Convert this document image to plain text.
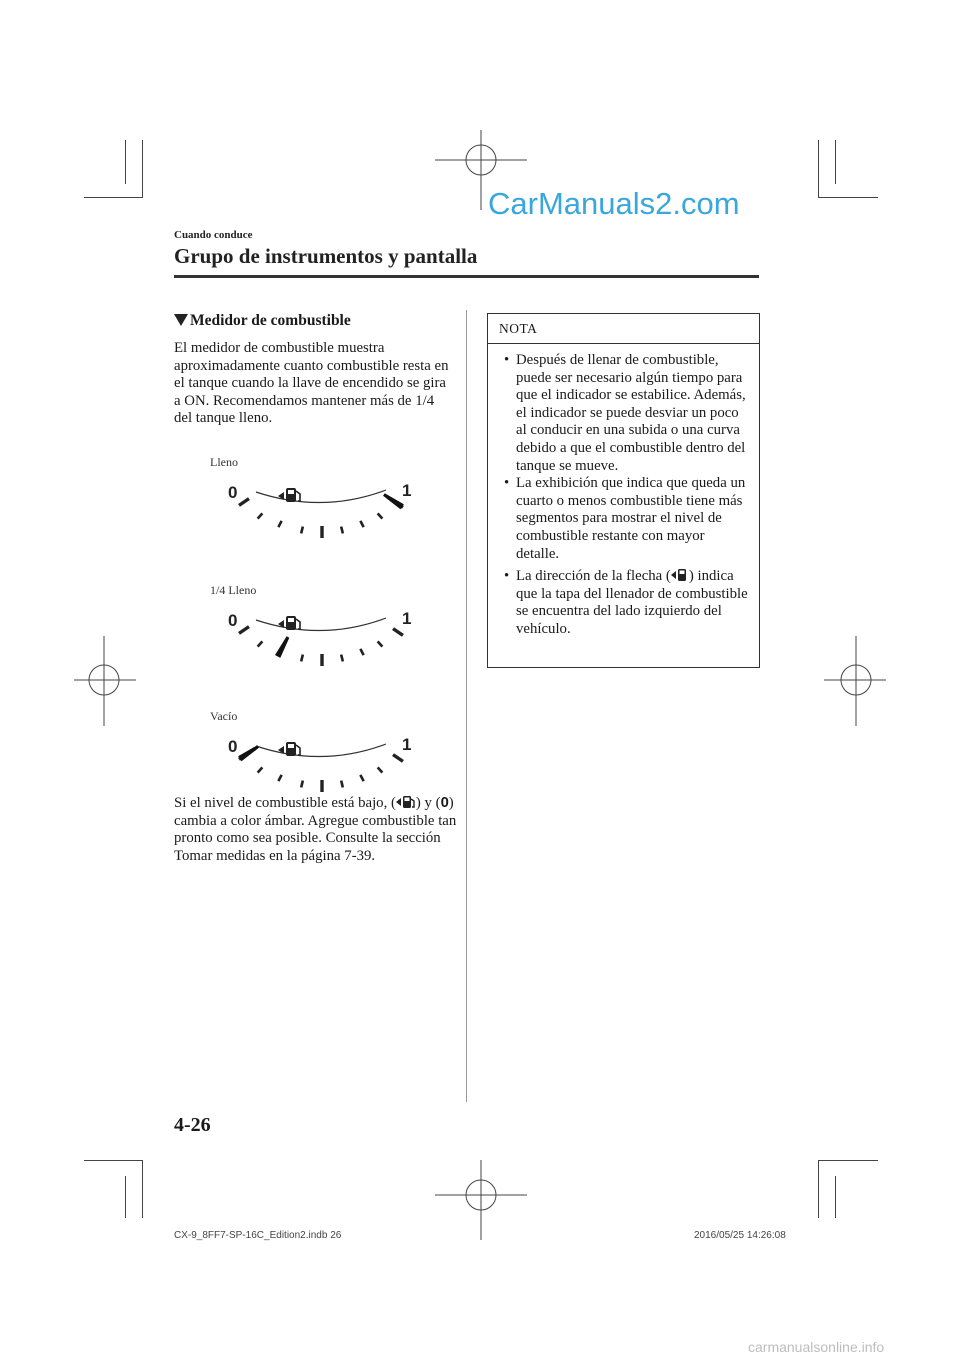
CarManuals2.com
Cuando conduce
Grupo de instrumentos y pantalla
Medidor de combustible
El medidor de combustible muestra aproximadamente cuanto combustible resta en el tanque cuando la llave de encendido se gira a ON. Recomendamos mantener más de 1/4 del tanque lleno.
Lleno
0	1
1/4 Lleno
0	1
Vacío
0	1
Si el nivel de combustible está bajo, ( ) y (0) cambia a color ámbar. Agregue combustible tan pronto como sea posible. Consulte la sección Tomar medidas en la página 7-39.
NOTA
• Después de llenar de combustible, puede ser necesario algún tiempo para que el indicador se estabilice. Además, el indicador se puede desviar un poco al conducir en una subida o una curva debido a que el combustible dentro del tanque se mueve.
• La exhibición que indica que queda un cuarto o menos combustible tiene más segmentos para mostrar el nivel de combustible restante con mayor detalle.
• La dirección de la flecha ( ) indica que la tapa del llenador de combustible se encuentra del lado izquierdo del vehículo.
4-26
CX-9_8FF7-SP-16C_Edition2.indb 26	2016/05/25 14:26:08
carmanualsonline.info
